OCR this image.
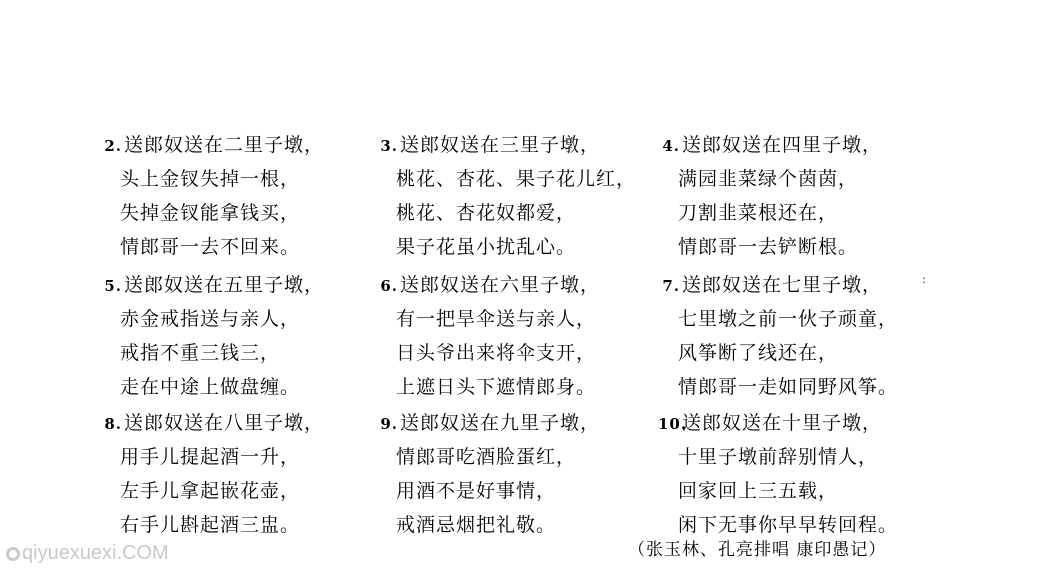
2. 送郎奴送在二里子墩，
头上金钗失掉一根，
失掉金钗能拿钱买，
情郎哥一去不回来。
3. 送郎奴送在三里子墩，
桃花、杏花、果子花儿红，
桃花、杏花奴都爱，
果子花虽小扰乱心。
4. 送郎奴送在四里子墩，
满园韭菜绿个茵茵，
刀割韭菜根还在，
情郎哥一去铲断根。
5. 送郎奴送在五里子墩，
赤金戒指送与亲人，
戒指不重三钱三，
走在中途上做盘缠。
6. 送郎奴送在六里子墩，
有一把旱伞送与亲人，
日头爷出来将伞支开，
上遮日头下遮情郎身。
7. 送郎奴送在七里子墩，
七里墩之前一伙子顽童，
风筝断了线还在，
情郎哥一走如同野风筝。
8. 送郎奴送在八里子墩，
用手儿提起酒一升，
左手儿拿起嵌花壶，
右手儿斟起酒三盅。
9. 送郎奴送在九里子墩，
情郎哥吃酒脸蛋红，
用酒不是好事情，
戒酒忌烟把礼敬。
10.送郎奴送在十里子墩，
十里子墩前辞别情人，
回家回上三五载，
闲下无事你早早转回程。
:
（张玉林、孔亮排唱 康印愚记）
qiyuexuexi.COM
